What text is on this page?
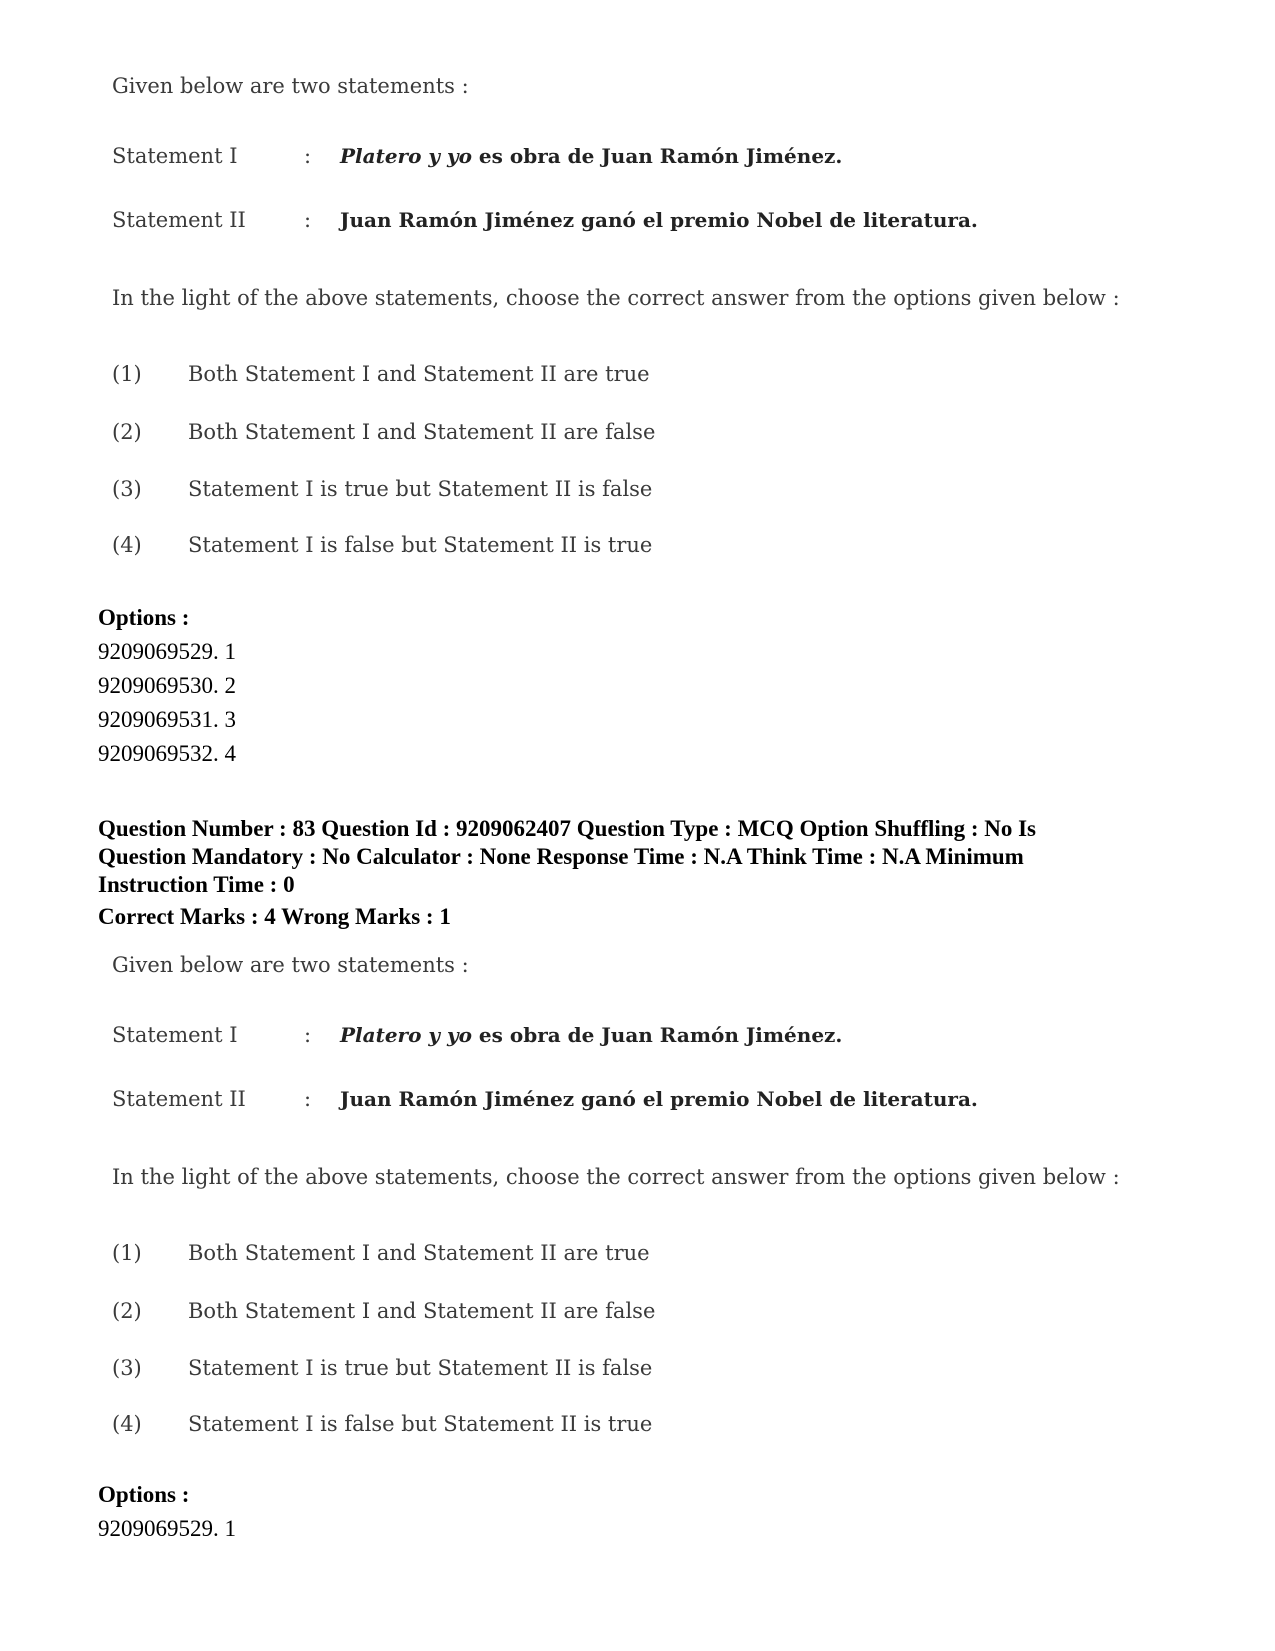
Given below are two statements :
Statement I	: Platero y yo es obra de Juan Ramón Jiménez.
Statement II	: Juan Ramón Jiménez ganó el premio Nobel de literatura.
In the light of the above statements, choose the correct answer from the options given below :
(1) Both Statement I and Statement II are true
(2) Both Statement I and Statement II are false
(3) Statement I is true but Statement II is false
(4) Statement I is false but Statement II is true
Options :
9209069529. 1
9209069530. 2
9209069531. 3
9209069532. 4
Question Number : 83 Question Id : 9209062407 Question Type : MCQ Option Shuffling : No Is
Question Mandatory : No Calculator : None Response Time : N.A Think Time : N.A Minimum
Instruction Time : 0
Correct Marks : 4 Wrong Marks : 1
Given below are two statements :
Statement I	: Platero y yo es obra de Juan Ramón Jiménez.
Statement II	: Juan Ramón Jiménez ganó el premio Nobel de literatura.
In the light of the above statements, choose the correct answer from the options given below :
(1) Both Statement I and Statement II are true
(2) Both Statement I and Statement II are false
(3) Statement I is true but Statement II is false
(4) Statement I is false but Statement II is true
Options :
9209069529. 1
